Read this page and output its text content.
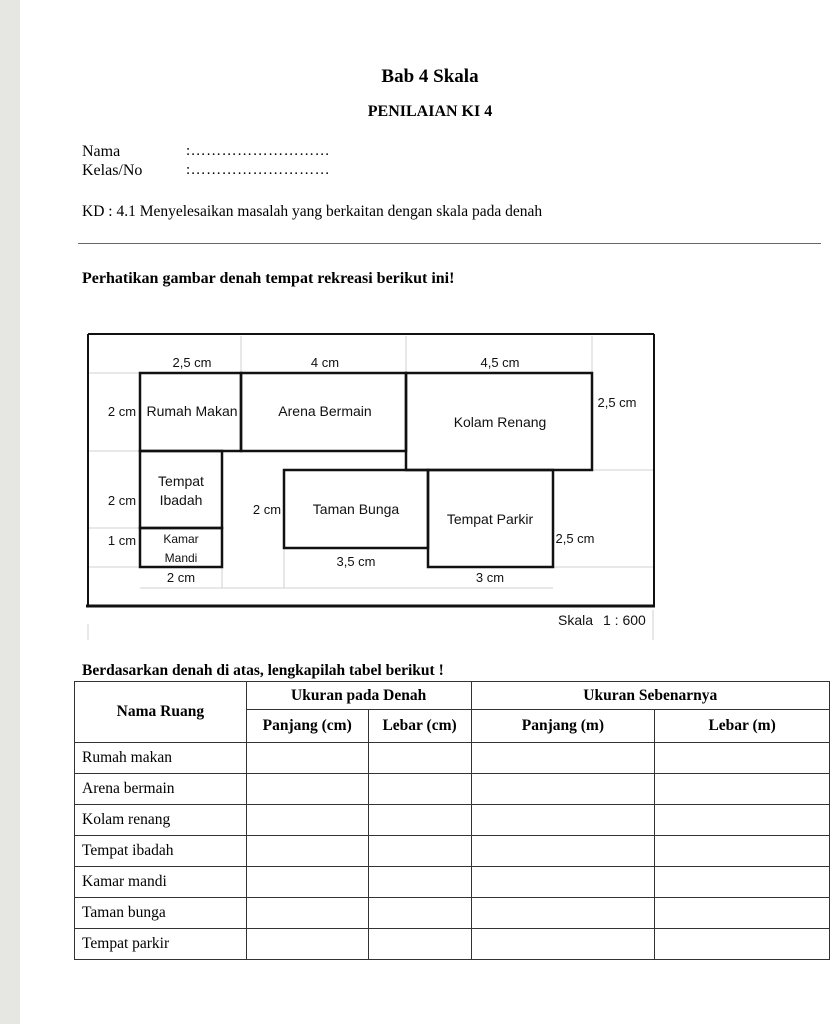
Bab 4 Skala
PENILAIAN KI 4
Nama	:………………………
Kelas/No	:………………………
KD : 4.1 Menyelesaikan masalah yang berkaitan dengan skala pada denah
Perhatikan gambar denah tempat rekreasi berikut ini!
Rumah Makan	Arena Bermain
Kolam Renang
Tempat
Ibadah
Taman Bunga
Tempat Parkir
Kamar
Mandi
2,5 cm	4 cm	4,5 cm
2 cm
2,5 cm
2 cm
2 cm
1 cm	2,5 cm
3,5 cm
2 cm	3 cm
Skala 1 : 600
Berdasarkan denah di atas, lengkapilah tabel berikut !
Nama Ruang	Ukuran pada Denah		Ukuran Sebenarnya	
	Panjang (cm)	Lebar (cm)	Panjang (m)	Lebar (m)
Rumah makan				
Arena bermain				
Kolam renang				
Tempat ibadah				
Kamar mandi				
Taman bunga				
Tempat parkir				
